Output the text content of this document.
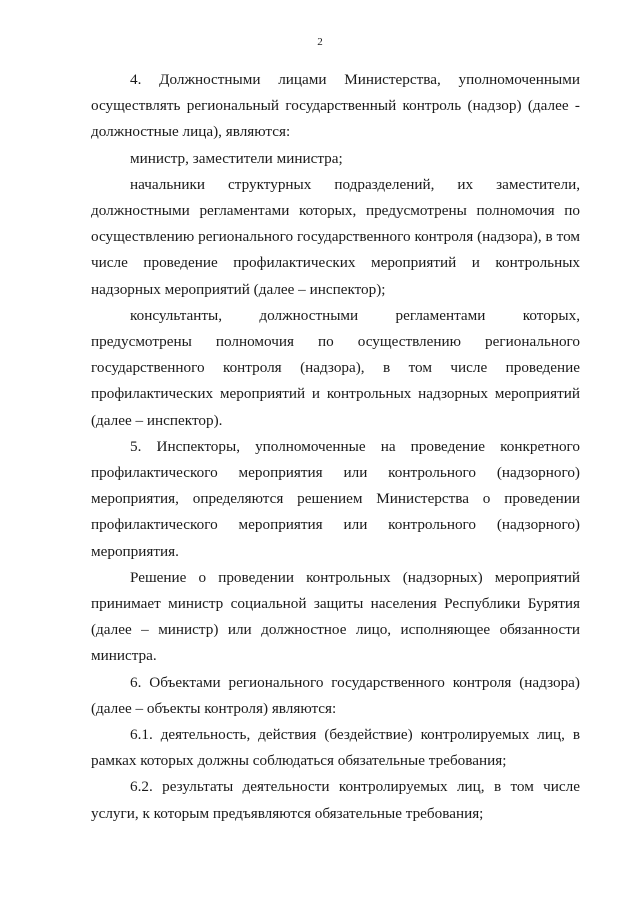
2

4. Должностными лицами Министерства, уполномоченными осуществлять региональный государственный контроль (надзор) (далее - должностные лица), являются:

министр, заместители министра;

начальники структурных подразделений, их заместители, должностными регламентами которых, предусмотрены полномочия по осуществлению регионального государственного контроля (надзора), в том числе проведение профилактических мероприятий и контрольных надзорных мероприятий (далее – инспектор);

консультанты, должностными регламентами которых, предусмотрены полномочия по осуществлению регионального государственного контроля (надзора), в том числе проведение профилактических мероприятий и контрольных надзорных мероприятий (далее – инспектор).

5. Инспекторы, уполномоченные на проведение конкретного профилактического мероприятия или контрольного (надзорного) мероприятия, определяются решением Министерства о проведении профилактического мероприятия или контрольного (надзорного) мероприятия.

Решение о проведении контрольных (надзорных) мероприятий принимает министр социальной защиты населения Республики Бурятия (далее – министр) или должностное лицо, исполняющее обязанности министра.

6. Объектами регионального государственного контроля (надзора) (далее – объекты контроля) являются:

6.1. деятельность, действия (бездействие) контролируемых лиц, в рамках которых должны соблюдаться обязательные требования;

6.2. результаты деятельности контролируемых лиц, в том числе услуги, к которым предъявляются обязательные требования;
